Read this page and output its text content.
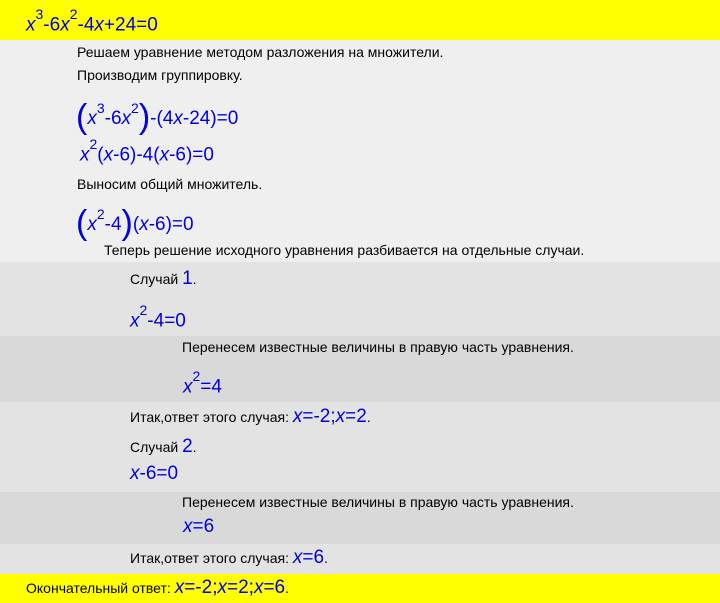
$x^3-6x^2-4x+24=0$
Решаем уравнение методом разложения на множители.
Производим группировку.
$(x^3-6x^2)-(4x-24)=0$
$x^2(x-6)-4(x-6)=0$
Выносим общий множитель.
$(x^2-4)(x-6)=0$
Теперь решение исходного уравнения разбивается на отдельные случаи.
Случай 1.
$x^2-4=0$
Перенесем известные величины в правую часть уравнения.
$x^2=4$
Итак,ответ этого случая: x=-2;x=2.
Случай 2.
x-6=0
Перенесем известные величины в правую часть уравнения.
x=6
Итак,ответ этого случая: x=6.
Окончательный ответ: x=-2;x=2;x=6.
